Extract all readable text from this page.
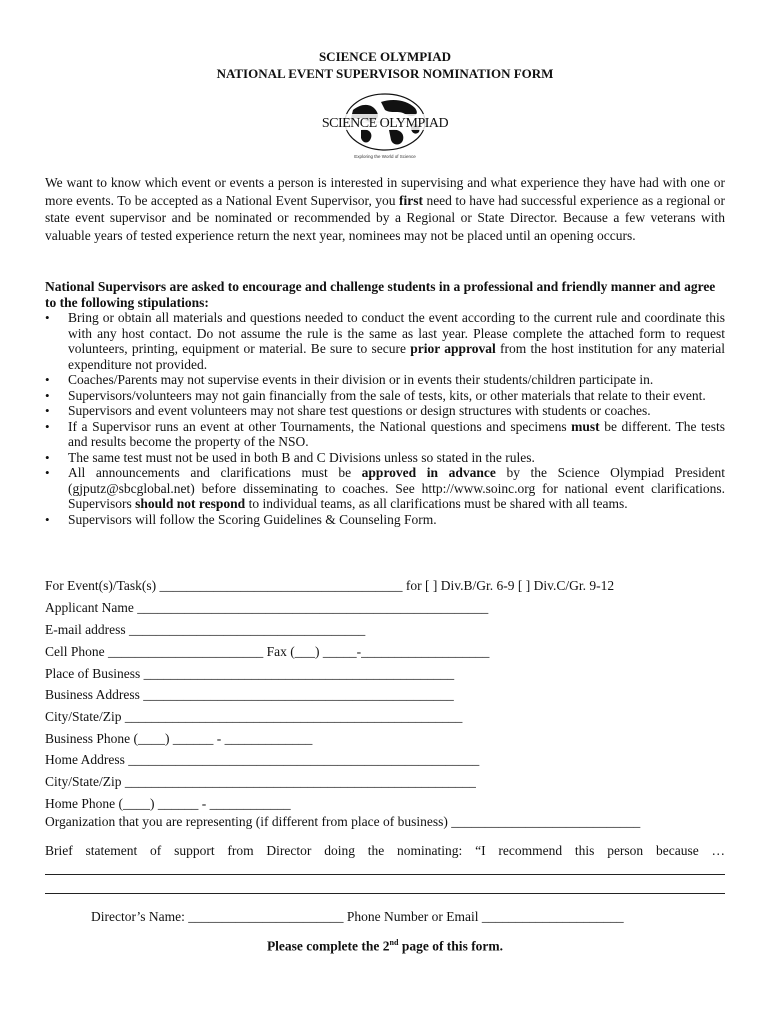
SCIENCE OLYMPIAD
NATIONAL EVENT SUPERVISOR NOMINATION FORM
SCIENCE OLYMPIAD
Exploring the World of Science
We want to know which event or events a person is interested in supervising and what experience they have had with one or more events. To be accepted as a National Event Supervisor, you first need to have had successful experience as a regional or state event supervisor and be nominated or recommended by a Regional or State Director. Because a few veterans with valuable years of tested experience return the next year, nominees may not be placed until an opening occurs.
National Supervisors are asked to encourage and challenge students in a professional and friendly manner and agree to the following stipulations:
• Bring or obtain all materials and questions needed to conduct the event according to the current rule and coordinate this with any host contact. Do not assume the rule is the same as last year. Please complete the attached form to request volunteers, printing, equipment or material. Be sure to secure prior approval from the host institution for any material expenditure not provided.
• Coaches/Parents may not supervise events in their division or in events their students/children participate in.
• Supervisors/volunteers may not gain financially from the sale of tests, kits, or other materials that relate to their event.
• Supervisors and event volunteers may not share test questions or design structures with students or coaches.
• If a Supervisor runs an event at other Tournaments, the National questions and specimens must be different. The tests and results become the property of the NSO.
• The same test must not be used in both B and C Divisions unless so stated in the rules.
• All announcements and clarifications must be approved in advance by the Science Olympiad President (gjputz@sbcglobal.net) before disseminating to coaches. See http://www.soinc.org for national event clarifications. Supervisors should not respond to individual teams, as all clarifications must be shared with all teams.
• Supervisors will follow the Scoring Guidelines & Counseling Form.
For Event(s)/Task(s) ____________________________________ for [ ] Div.B/Gr. 6-9 [ ] Div.C/Gr. 9-12
Applicant Name ____________________________________________________
E-mail address ___________________________________
Cell Phone _______________________ Fax (___) _____-___________________
Place of Business ______________________________________________
Business Address ______________________________________________
City/State/Zip __________________________________________________
Business Phone (____) ______ - _____________
Home Address ____________________________________________________
City/State/Zip ____________________________________________________
Home Phone (____) ______ - ____________
Organization that you are representing (if different from place of business) ____________________________
Brief statement of support from Director doing the nominating: “I recommend this person because …
Director’s Name: _______________________ Phone Number or Email _____________________
Please complete the 2nd page of this form.
